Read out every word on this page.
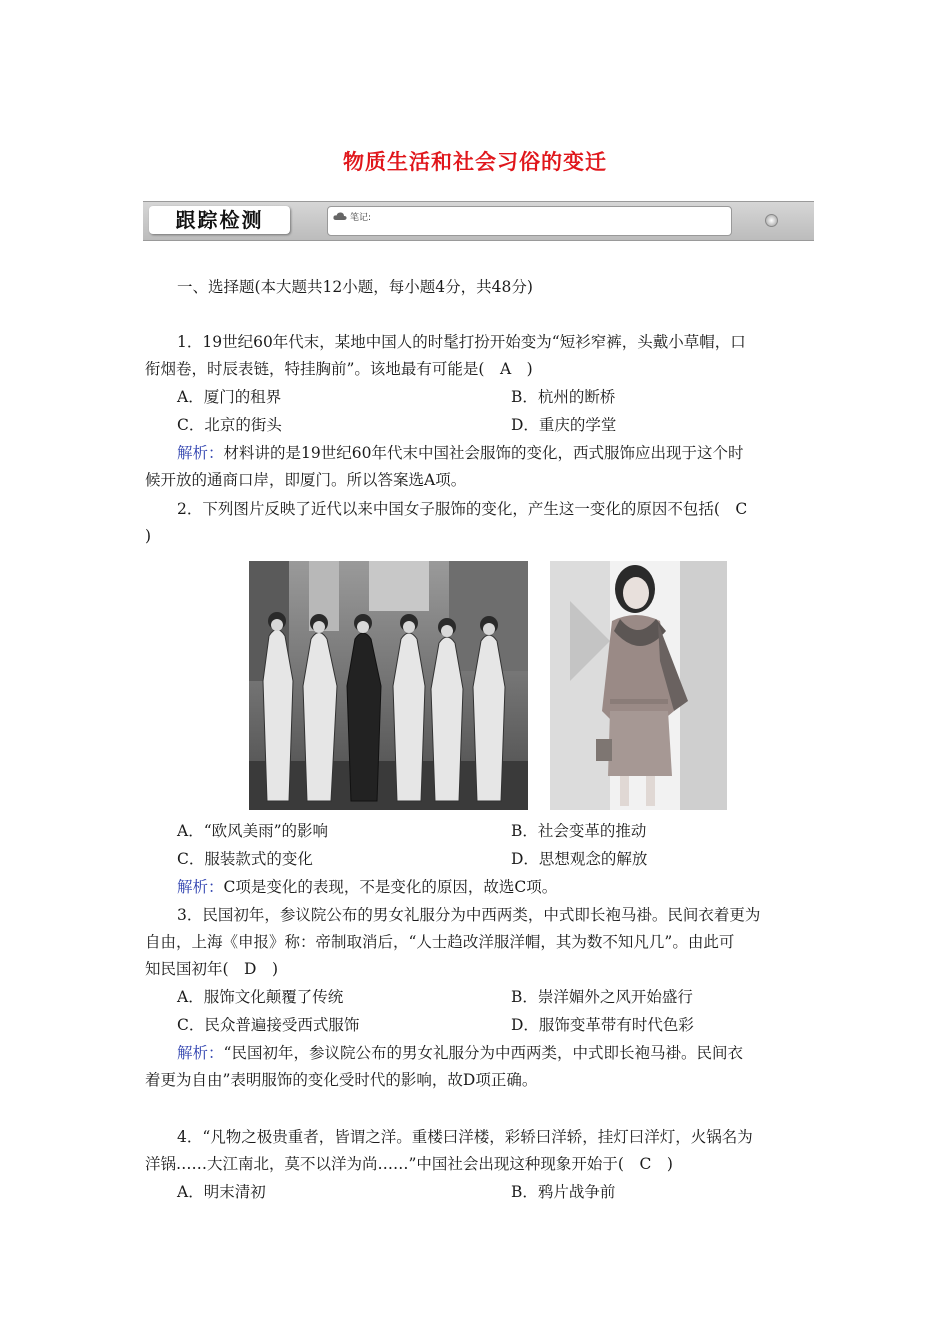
物质生活和社会习俗的变迁
跟踪检测	笔记:
一、选择题(本大题共12小题，每小题4分，共48分)
1．19世纪60年代末，某地中国人的时髦打扮开始变为“短衫窄裤，头戴小草帽，口
衔烟卷，时辰表链，特挂胸前”。该地最有可能是(　A　)
A．厦门的租界	B．杭州的断桥
C．北京的街头	D．重庆的学堂
解析：材料讲的是19世纪60年代末中国社会服饰的变化，西式服饰应出现于这个时
候开放的通商口岸，即厦门。所以答案选A项。
2．下列图片反映了近代以来中国女子服饰的变化，产生这一变化的原因不包括(　C
)
A．“欧风美雨”的影响	B．社会变革的推动
C．服装款式的变化	D．思想观念的解放
解析：C项是变化的表现，不是变化的原因，故选C项。
3．民国初年，参议院公布的男女礼服分为中西两类，中式即长袍马褂。民间衣着更为
自由，上海《申报》称：帝制取消后，“人士趋改洋服洋帽，其为数不知凡几”。由此可
知民国初年(　D　)
A．服饰文化颠覆了传统	B．崇洋媚外之风开始盛行
C．民众普遍接受西式服饰	D．服饰变革带有时代色彩
解析：“民国初年，参议院公布的男女礼服分为中西两类，中式即长袍马褂。民间衣
着更为自由”表明服饰的变化受时代的影响，故D项正确。
4．“凡物之极贵重者，皆谓之洋。重楼曰洋楼，彩轿曰洋轿，挂灯曰洋灯，火锅名为
洋锅……大江南北，莫不以洋为尚……”中国社会出现这种现象开始于(　C　)
A．明末清初	B．鸦片战争前
